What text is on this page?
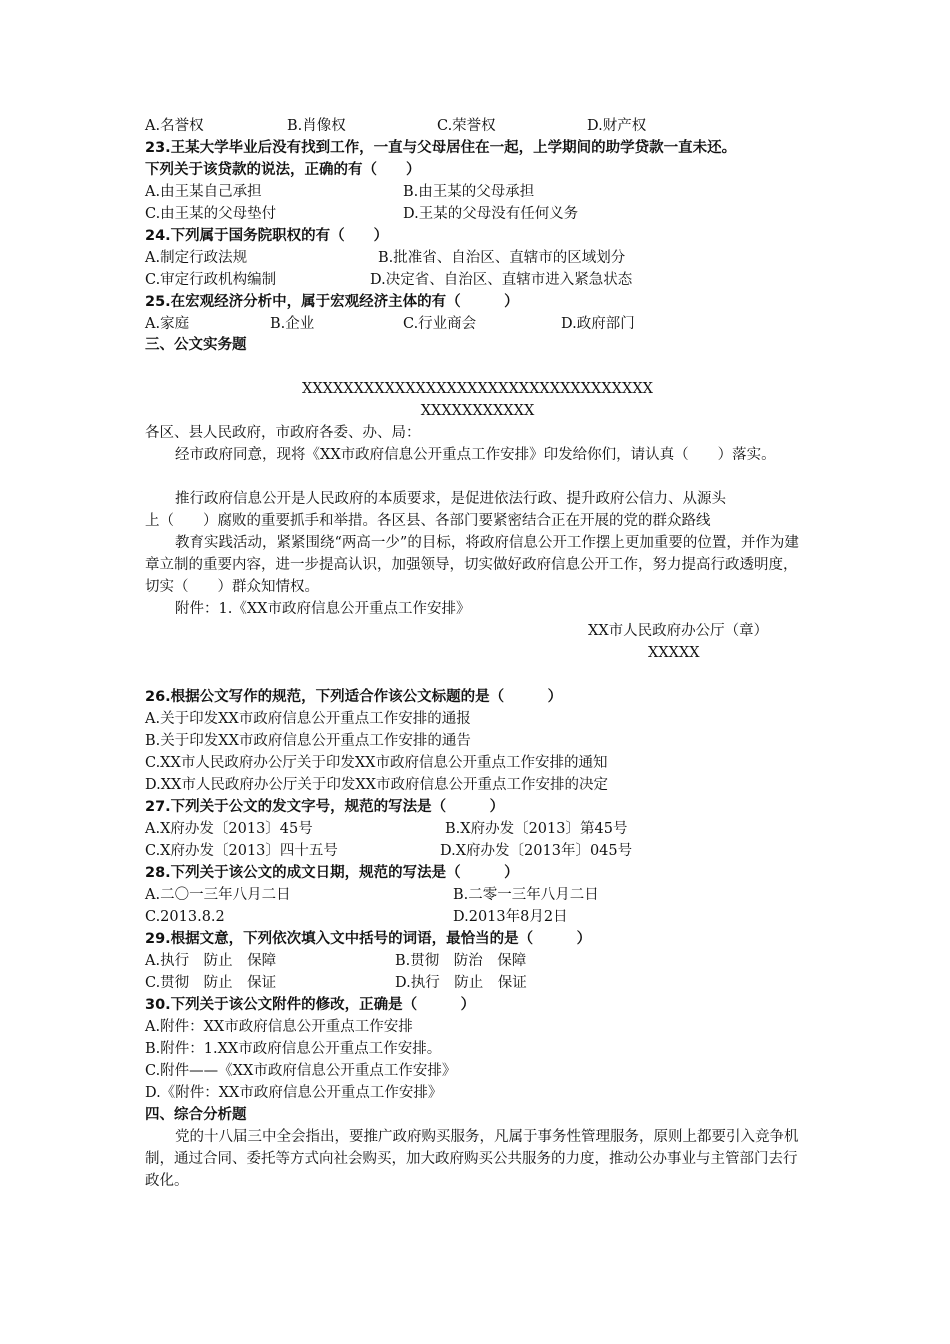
A.名誉权	B.肖像权	C.荣誉权	D.财产权
23.王某大学毕业后没有找到工作，一直与父母居住在一起，上学期间的助学贷款一直未还。
下列关于该贷款的说法，正确的有（　　）
A.由王某自己承担	B.由王某的父母承担
C.由王某的父母垫付	D.王某的父母没有任何义务
24.下列属于国务院职权的有（　　）
A.制定行政法规	B.批准省、自治区、直辖市的区域划分
C.审定行政机构编制	D.决定省、自治区、直辖市进入紧急状态
25.在宏观经济分析中，属于宏观经济主体的有（　　　）
A.家庭	B.企业	C.行业商会	D.政府部门
三、公文实务题
XXXXXXXXXXXXXXXXXXXXXXXXXXXXXXXXXX
XXXXXXXXXXX
各区、县人民政府，市政府各委、办、局：
经市政府同意，现将《XX市政府信息公开重点工作安排》印发给你们，请认真（　　）落实。
推行政府信息公开是人民政府的本质要求，是促进依法行政、提升政府公信力、从源头
上（　　）腐败的重要抓手和举措。各区县、各部门要紧密结合正在开展的党的群众路线
教育实践活动，紧紧围绕“两高一少”的目标，将政府信息公开工作摆上更加重要的位置，并作为建章立制的重要内容，进一步提高认识，加强领导，切实做好政府信息公开工作，努力提高行政透明度，切实（　　）群众知情权。
附件：1.《XX市政府信息公开重点工作安排》
XX市人民政府办公厅（章）
XXXXX
26.根据公文写作的规范，下列适合作该公文标题的是（　　　）
A.关于印发XX市政府信息公开重点工作安排的通报
B.关于印发XX市政府信息公开重点工作安排的通告
C.XX市人民政府办公厅关于印发XX市政府信息公开重点工作安排的通知
D.XX市人民政府办公厅关于印发XX市政府信息公开重点工作安排的决定
27.下列关于公文的发文字号，规范的写法是（　　　）
A.X府办发〔2013〕45号	B.X府办发〔2013〕第45号
C.X府办发〔2013〕四十五号	D.X府办发〔2013年〕045号
28.下列关于该公文的成文日期，规范的写法是（　　　）
A.二〇一三年八月二日	B.二零一三年八月二日
C.2013.8.2	D.2013年8月2日
29.根据文意，下列依次填入文中括号的词语，最恰当的是（　　　）
A.执行　防止　保障	B.贯彻　防治　保障
C.贯彻　防止　保证	D.执行　防止　保证
30.下列关于该公文附件的修改，正确是（　　　）
A.附件：XX市政府信息公开重点工作安排
B.附件：1.XX市政府信息公开重点工作安排。
C.附件——《XX市政府信息公开重点工作安排》
D.《附件：XX市政府信息公开重点工作安排》
四、综合分析题
党的十八届三中全会指出，要推广政府购买服务，凡属于事务性管理服务，原则上都要引入竞争机制，通过合同、委托等方式向社会购买，加大政府购买公共服务的力度，推动公办事业与主管部门去行政化。
